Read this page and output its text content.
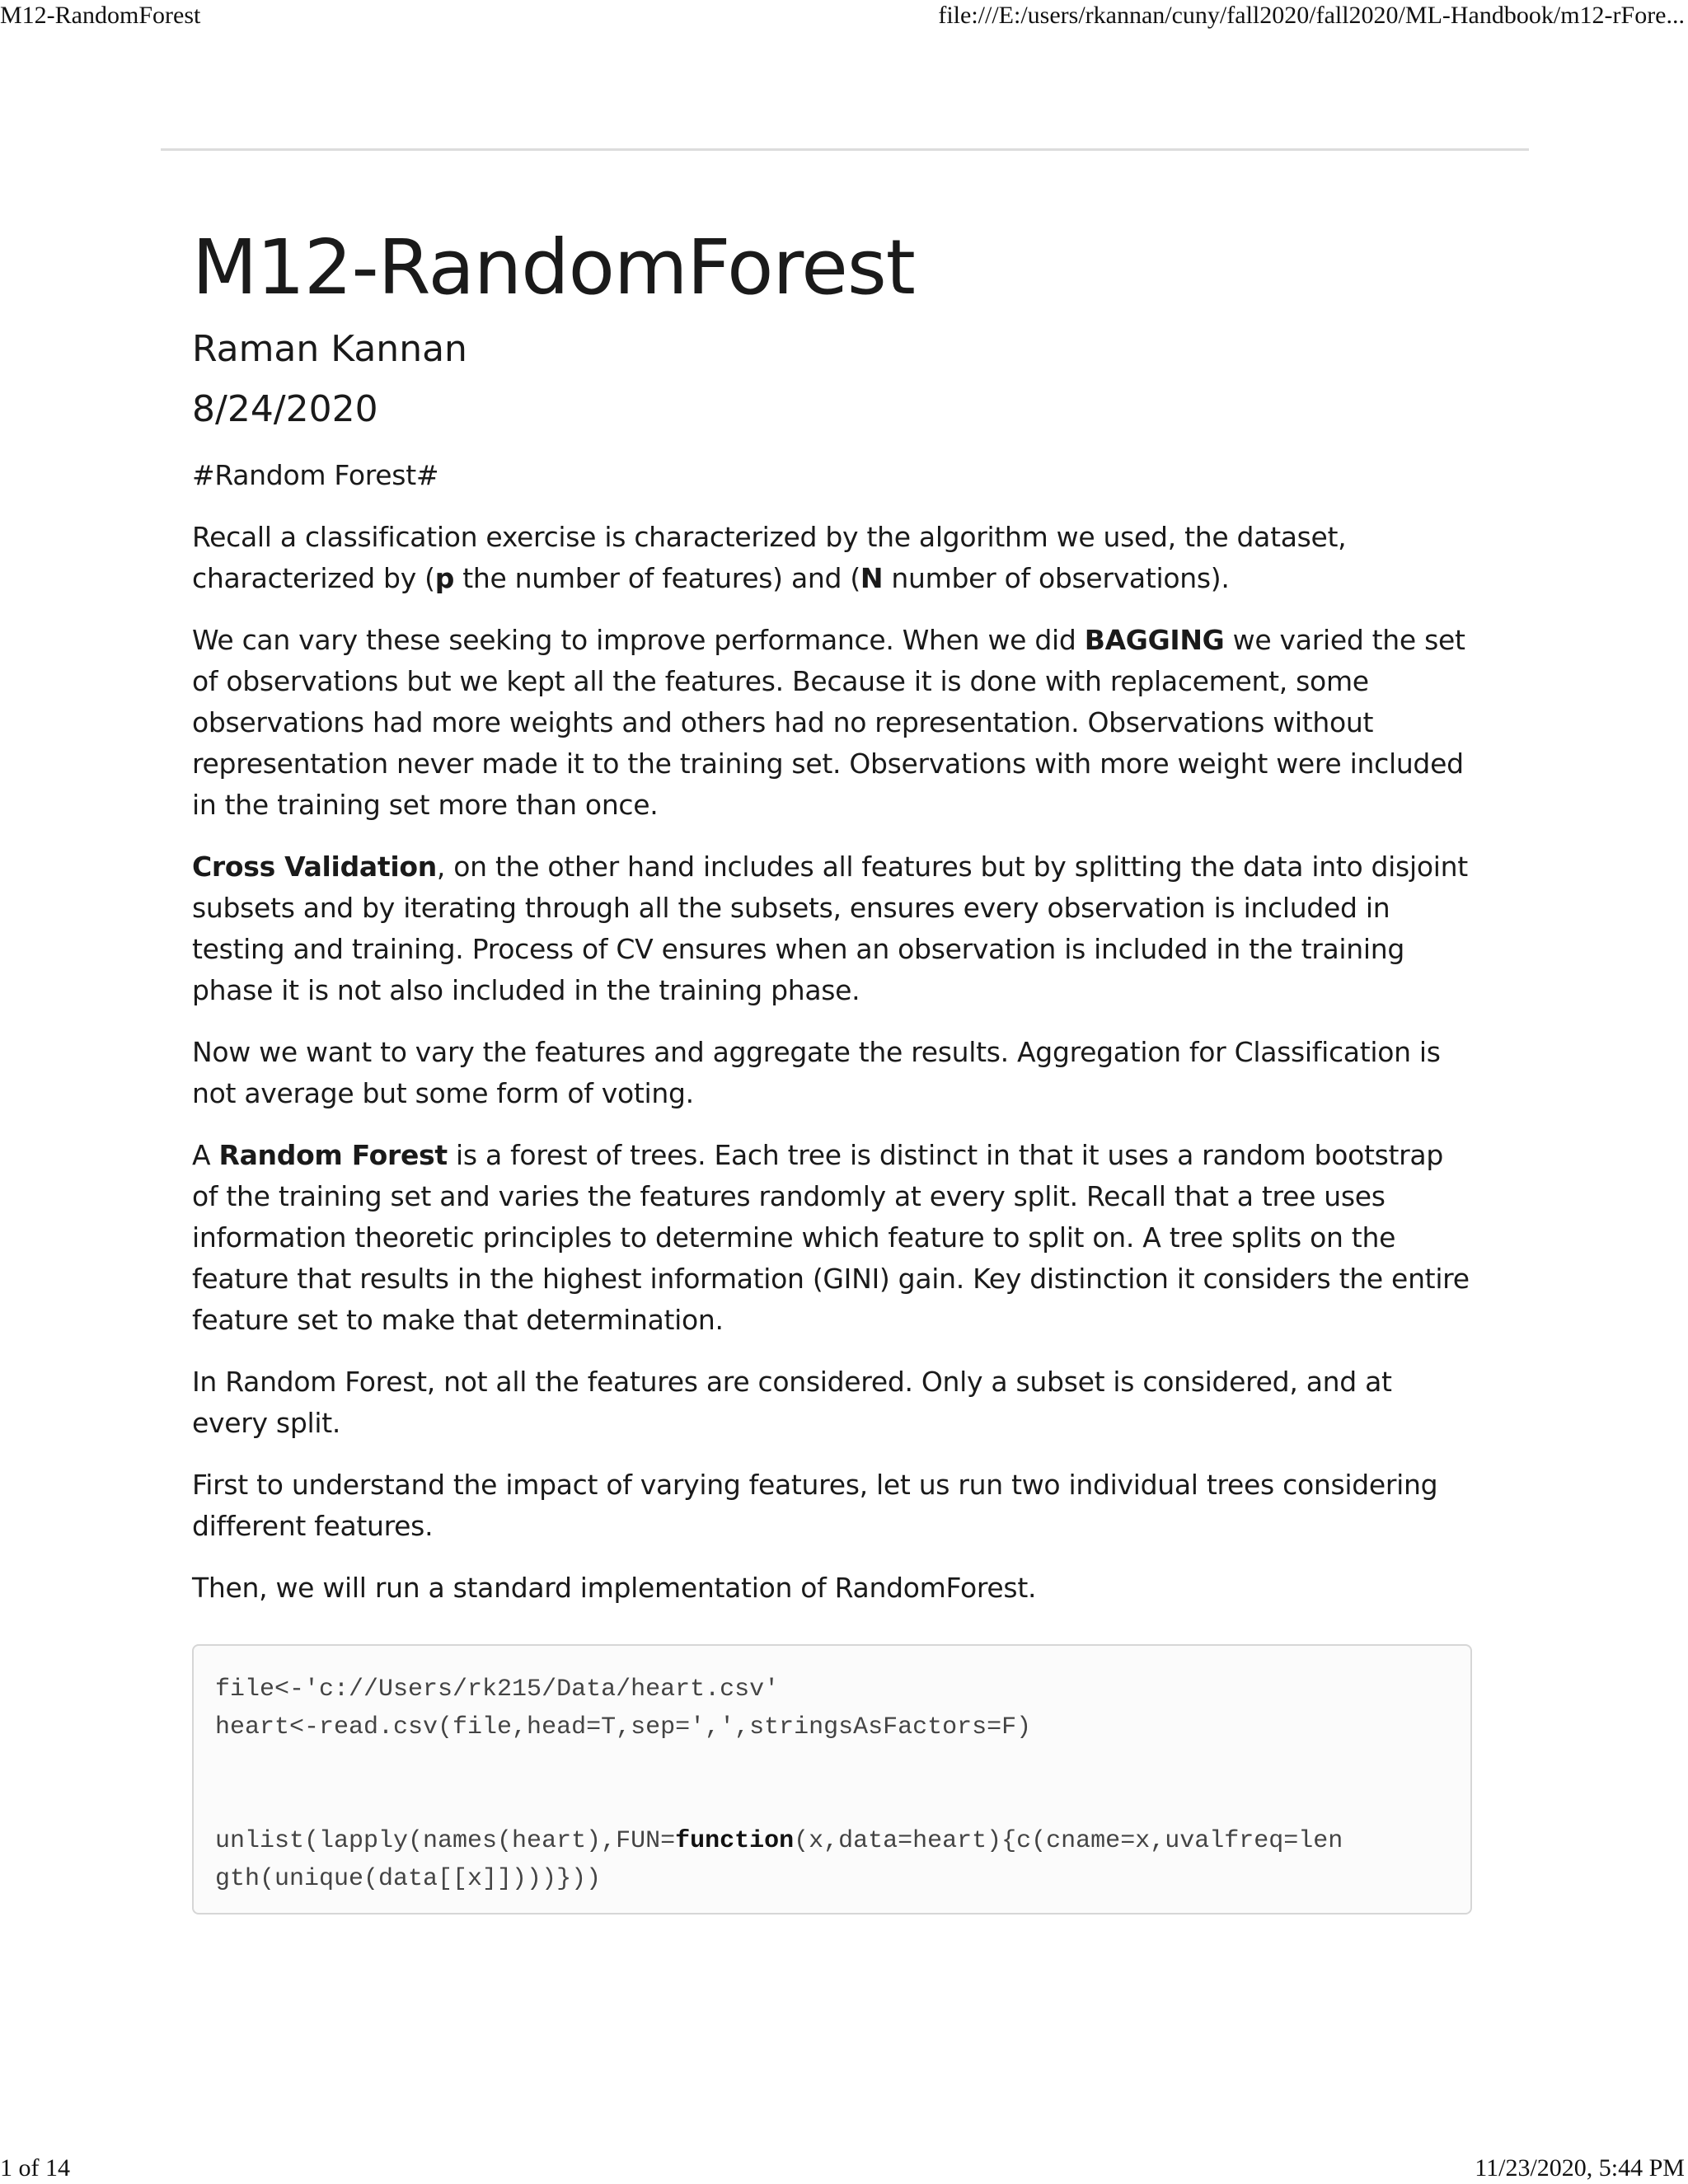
M12-RandomForest	file:///E:/users/rkannan/cuny/fall2020/fall2020/ML-Handbook/m12-rFore...
M12-RandomForest
Raman Kannan
8/24/2020

#Random Forest#

Recall a classification exercise is characterized by the algorithm we used, the dataset, characterized by (p the number of features) and (N number of observations).

We can vary these seeking to improve performance. When we did BAGGING we varied the set of observations but we kept all the features. Because it is done with replacement, some observations had more weights and others had no representation. Observations without representation never made it to the training set. Observations with more weight were included in the training set more than once.

Cross Validation, on the other hand includes all features but by splitting the data into disjoint subsets and by iterating through all the subsets, ensures every observation is included in testing and training. Process of CV ensures when an observation is included in the training phase it is not also included in the training phase.

Now we want to vary the features and aggregate the results. Aggregation for Classification is not average but some form of voting.

A Random Forest is a forest of trees. Each tree is distinct in that it uses a random bootstrap of the training set and varies the features randomly at every split. Recall that a tree uses information theoretic principles to determine which feature to split on. A tree splits on the feature that results in the highest information (GINI) gain. Key distinction it considers the entire feature set to make that determination.

In Random Forest, not all the features are considered. Only a subset is considered, and at every split.

First to understand the impact of varying features, let us run two individual trees considering different features.

Then, we will run a standard implementation of RandomForest.

file<-'c://Users/rk215/Data/heart.csv'
heart<-read.csv(file,head=T,sep=',',stringsAsFactors=F)
unlist(lapply(names(heart),FUN=function(x,data=heart){c(cname=x,uvalfreq=len
gth(unique(data[[x]])))}))
1 of 14	11/23/2020, 5:44 PM
